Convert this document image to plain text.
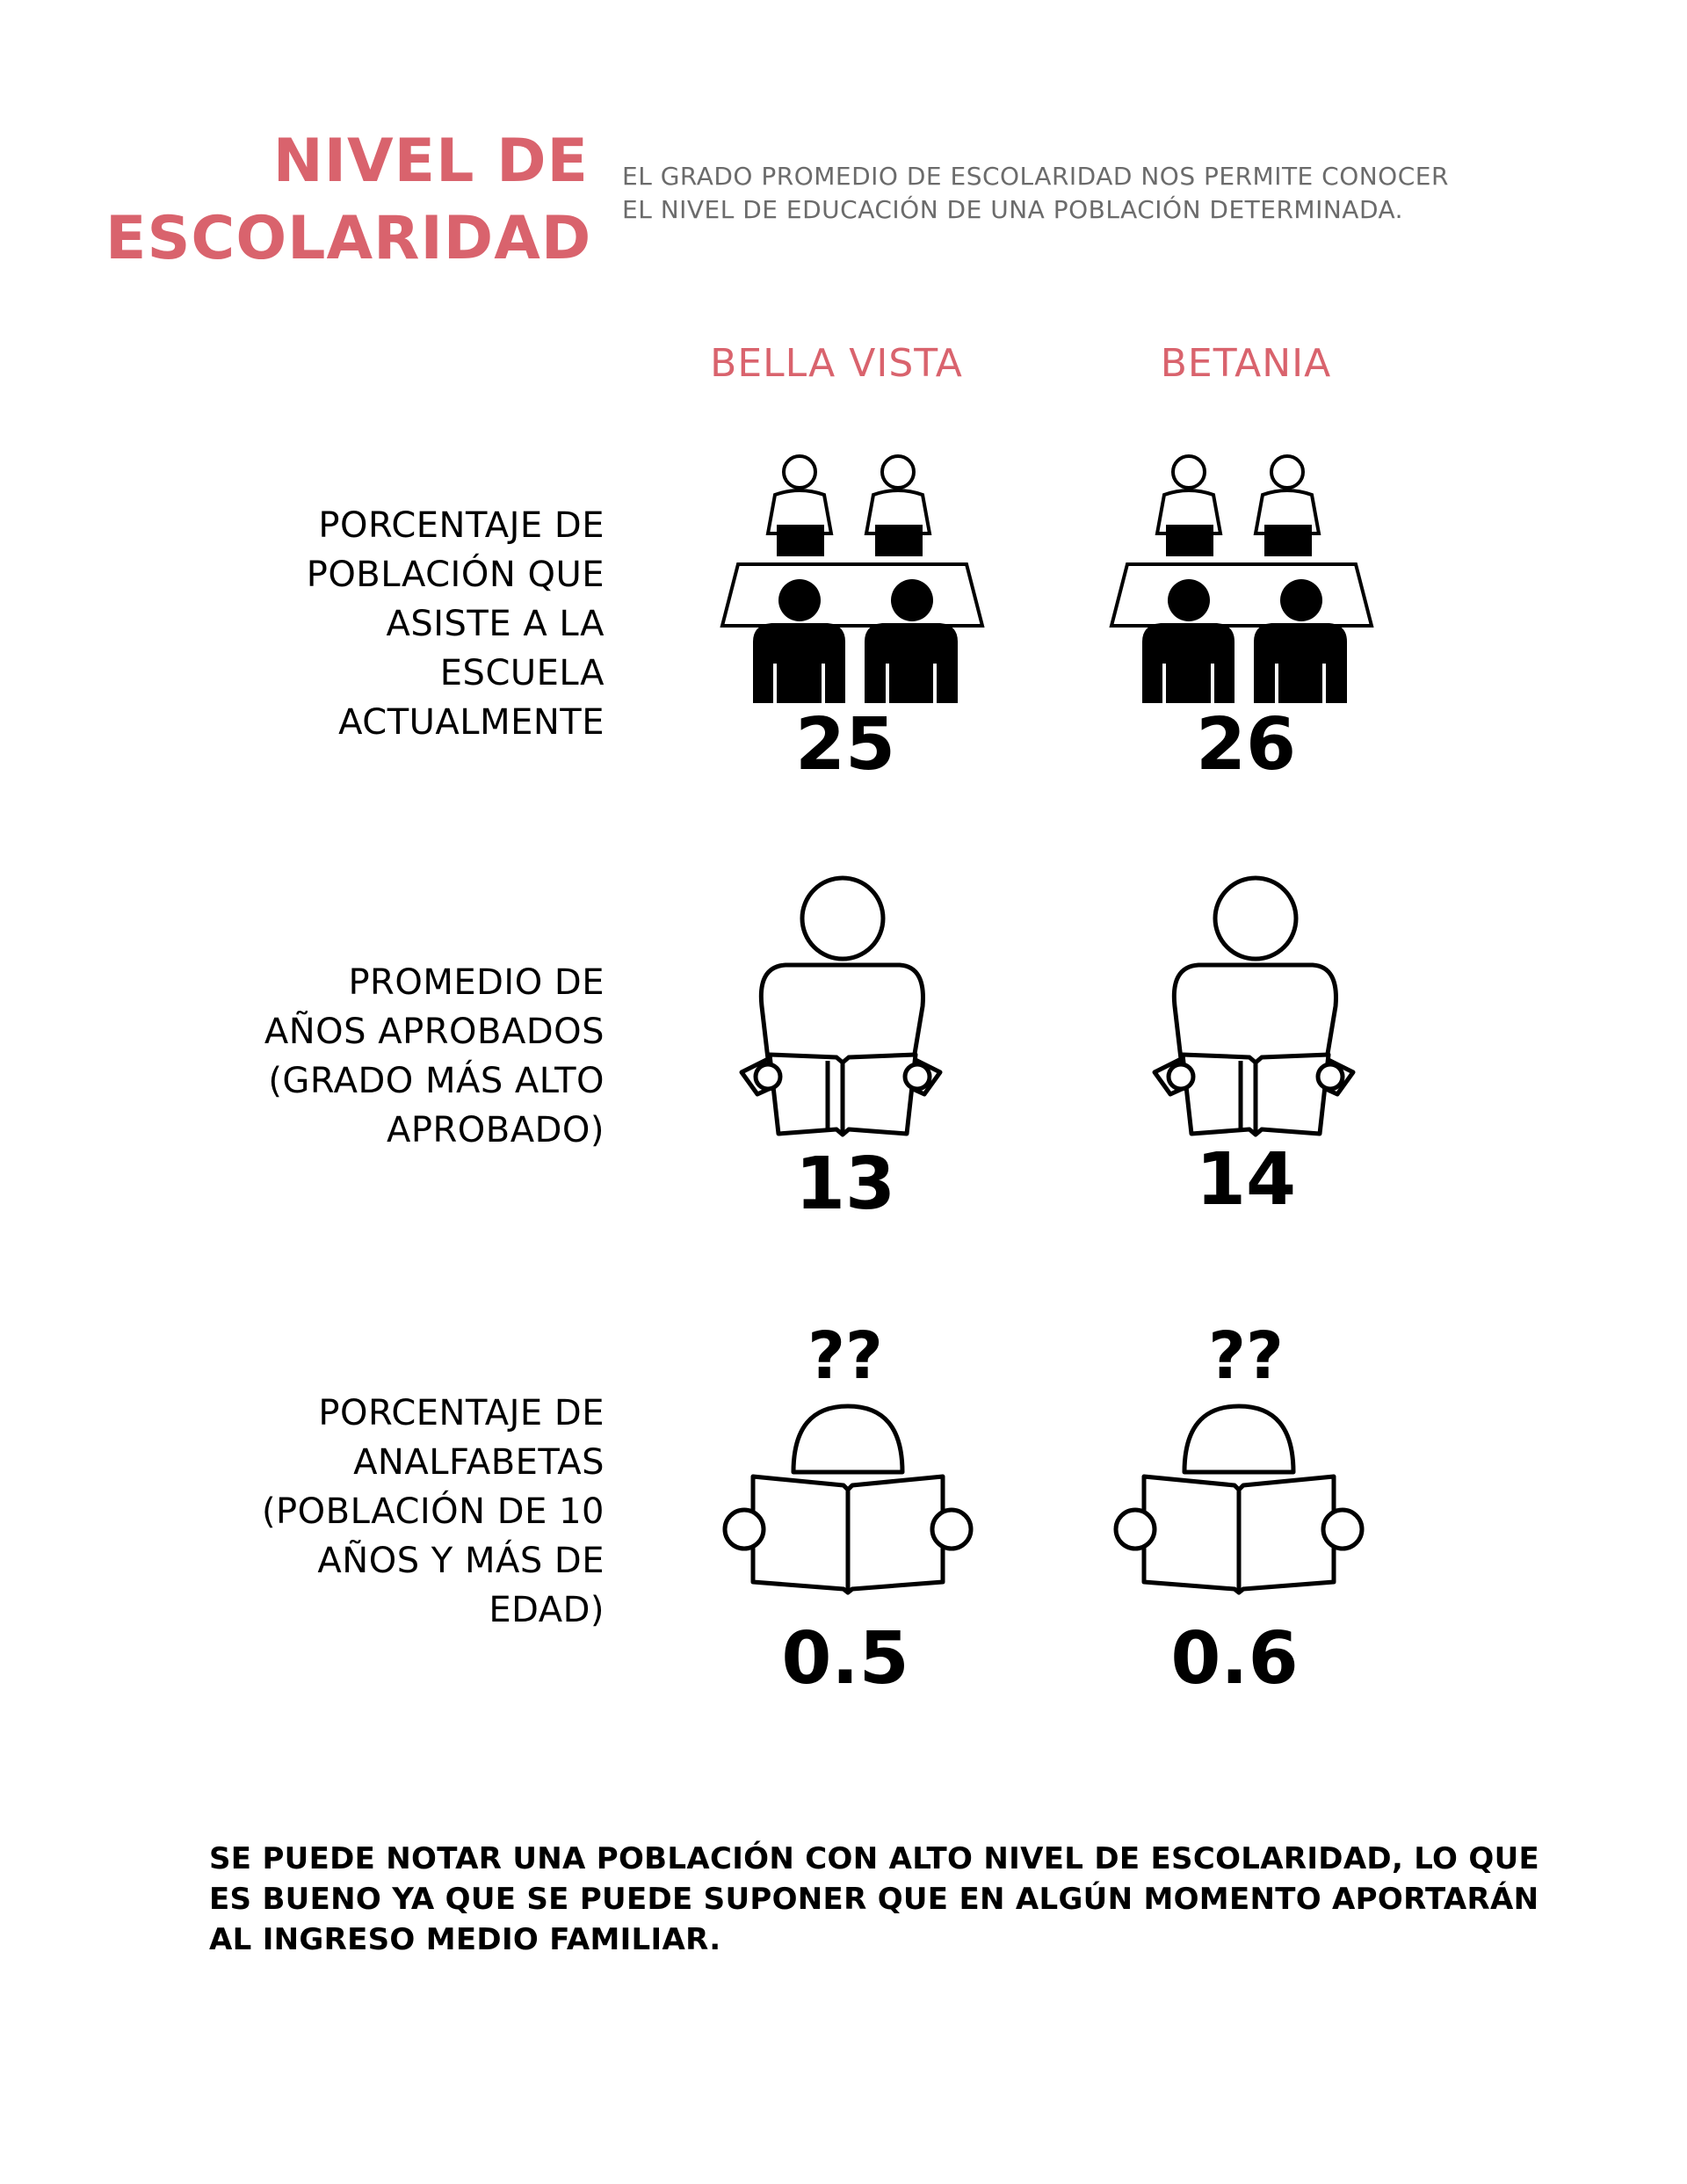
NIVEL DE
ESCOLARIDAD
EL GRADO PROMEDIO DE ESCOLARIDAD NOS PERMITE CONOCER
EL NIVEL DE EDUCACIÓN DE UNA POBLACIÓN DETERMINADA.
BELLA VISTA	BETANIA
PORCENTAJE DE
POBLACIÓN QUE
ASISTE A LA
ESCUELA
ACTUALMENTE	25	26
PROMEDIO DE
AÑOS APROBADOS
(GRADO MÁS ALTO
APROBADO)
13	14
PORCENTAJE DE
ANALFABETAS
(POBLACIÓN DE 10
AÑOS Y MÁS DE
EDAD)
??	??
0.5	0.6
SE PUEDE NOTAR UNA POBLACIÓN CON ALTO NIVEL DE ESCOLARIDAD, LO QUE
ES BUENO YA QUE SE PUEDE SUPONER QUE EN ALGÚN MOMENTO APORTARÁN
AL INGRESO MEDIO FAMILIAR.
